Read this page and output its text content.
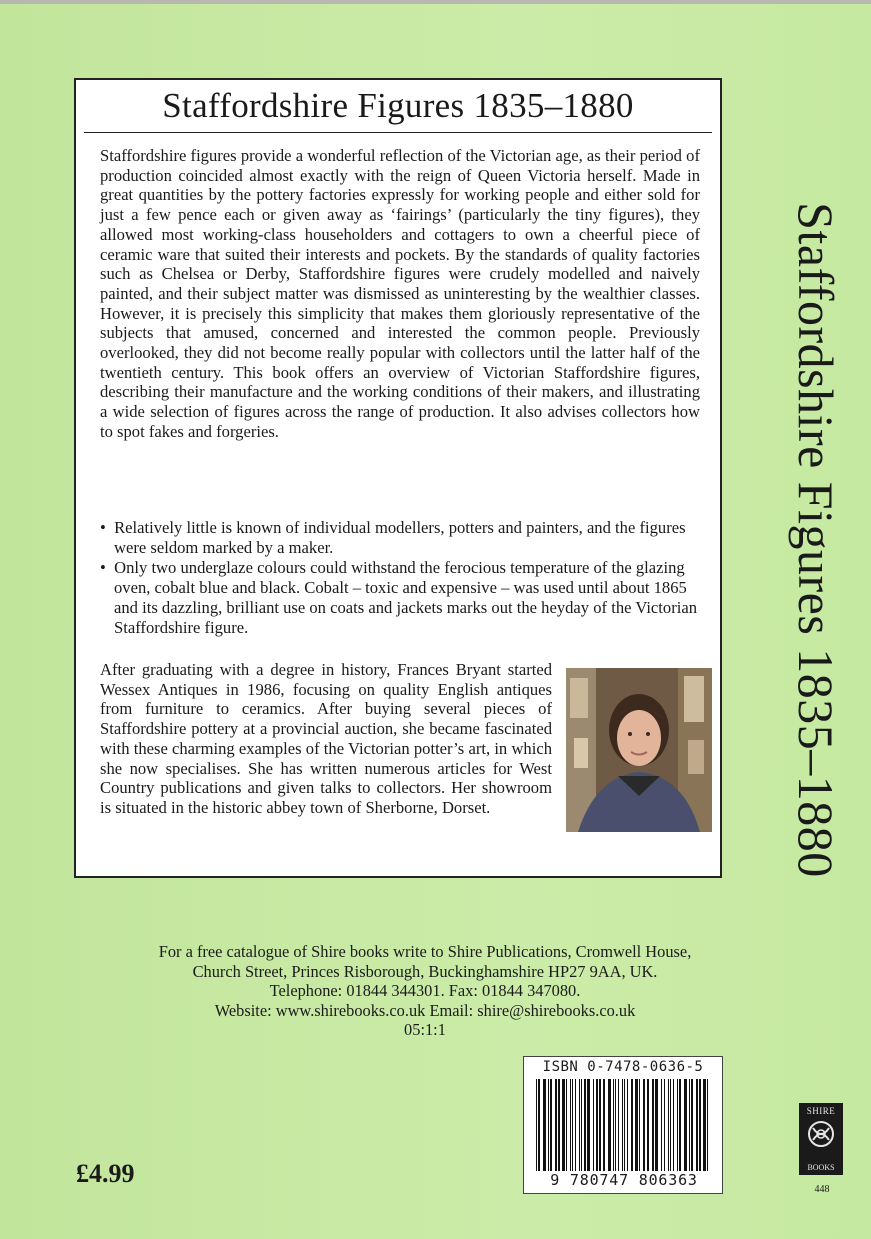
Staffordshire Figures 1835–1880

Staffordshire figures provide a wonderful reflection of the Victorian age, as their period of production coincided almost exactly with the reign of Queen Victoria herself. Made in great quantities by the pottery factories expressly for working people and either sold for just a few pence each or given away as ‘fairings’ (particularly the tiny figures), they allowed most working-class householders and cottagers to own a cheerful piece of ceramic ware that suited their interests and pockets. By the standards of quality factories such as Chelsea or Derby, Staffordshire figures were crudely modelled and naively painted, and their subject matter was dismissed as uninteresting by the wealthier classes. However, it is precisely this simplicity that makes them gloriously representative of the subjects that amused, concerned and interested the common people. Previously overlooked, they did not become really popular with collectors until the latter half of the twentieth century. This book offers an overview of Victorian Staffordshire figures, describing their manufacture and the working conditions of their makers, and illustrating a wide selection of figures across the range of production. It also advises collectors how to spot fakes and forgeries.

•  Relatively little is known of individual modellers, potters and painters, and the figures were seldom marked by a maker.
•  Only two underglaze colours could withstand the ferocious temperature of the glazing oven, cobalt blue and black. Cobalt – toxic and expensive – was used until about 1865 and its dazzling, brilliant use on coats and jackets marks out the heyday of the Victorian Staffordshire figure.

After graduating with a degree in history, Frances Bryant started Wessex Antiques in 1986, focusing on quality English antiques from furniture to ceramics. After buying several pieces of Staffordshire pottery at a provincial auction, she became fascinated with these charming examples of the Victorian potter’s art, in which she now specialises. She has written numerous articles for West Country publications and given talks to collectors. Her showroom is situated in the historic abbey town of Sherborne, Dorset.	Staffordshire Figures 1835–1880
For a free catalogue of Shire books write to Shire Publications, Cromwell House,
Church Street, Princes Risborough, Buckinghamshire HP27 9AA, UK.
Telephone: 01844 344301. Fax: 01844 347080.
Website: www.shirebooks.co.uk Email: shire@shirebooks.co.uk
05:1:1
ISBN 0-7478-0636-5
9 780747 806363
£4.99
SHIRE
BOOKS
448
